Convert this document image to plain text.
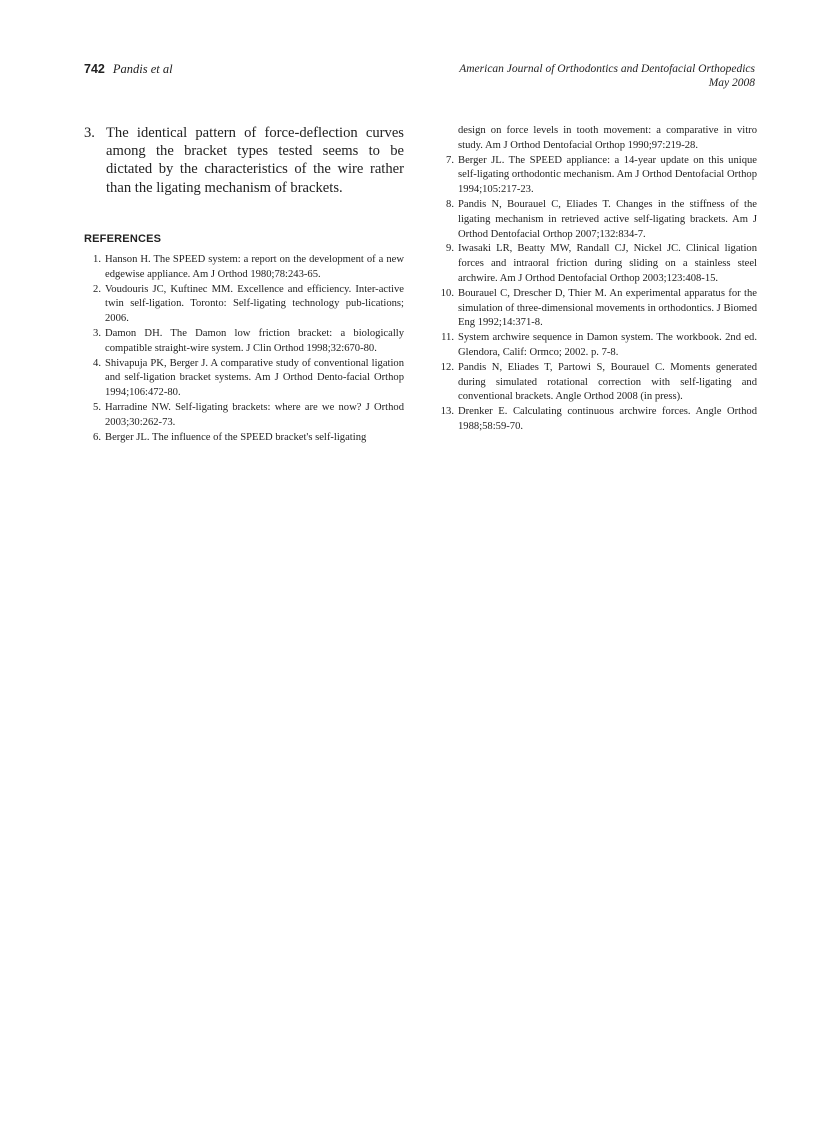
742 Pandis et al	American Journal of Orthodontics and Dentofacial Orthopedics
May 2008
3. The identical pattern of force-deflection curves among the bracket types tested seems to be dictated by the characteristics of the wire rather than the ligating mechanism of brackets.
REFERENCES
1. Hanson H. The SPEED system: a report on the development of a new edgewise appliance. Am J Orthod 1980;78:243-65.
2. Voudouris JC, Kuftinec MM. Excellence and efficiency. Inter-active twin self-ligation. Toronto: Self-ligating technology pub-lications; 2006.
3. Damon DH. The Damon low friction bracket: a biologically compatible straight-wire system. J Clin Orthod 1998;32:670-80.
4. Shivapuja PK, Berger J. A comparative study of conventional ligation and self-ligation bracket systems. Am J Orthod Dento-facial Orthop 1994;106:472-80.
5. Harradine NW. Self-ligating brackets: where are we now? J Orthod 2003;30:262-73.
6. Berger JL. The influence of the SPEED bracket's self-ligating
design on force levels in tooth movement: a comparative in vitro study. Am J Orthod Dentofacial Orthop 1990;97:219-28.
7. Berger JL. The SPEED appliance: a 14-year update on this unique self-ligating orthodontic mechanism. Am J Orthod Dentofacial Orthop 1994;105:217-23.
8. Pandis N, Bourauel C, Eliades T. Changes in the stiffness of the ligating mechanism in retrieved active self-ligating brackets. Am J Orthod Dentofacial Orthop 2007;132:834-7.
9. Iwasaki LR, Beatty MW, Randall CJ, Nickel JC. Clinical ligation forces and intraoral friction during sliding on a stainless steel archwire. Am J Orthod Dentofacial Orthop 2003;123:408-15.
10. Bourauel C, Drescher D, Thier M. An experimental apparatus for the simulation of three-dimensional movements in orthodontics. J Biomed Eng 1992;14:371-8.
11. System archwire sequence in Damon system. The workbook. 2nd ed. Glendora, Calif: Ormco; 2002. p. 7-8.
12. Pandis N, Eliades T, Partowi S, Bourauel C. Moments generated during simulated rotational correction with self-ligating and conventional brackets. Angle Orthod 2008 (in press).
13. Drenker E. Calculating continuous archwire forces. Angle Orthod 1988;58:59-70.
